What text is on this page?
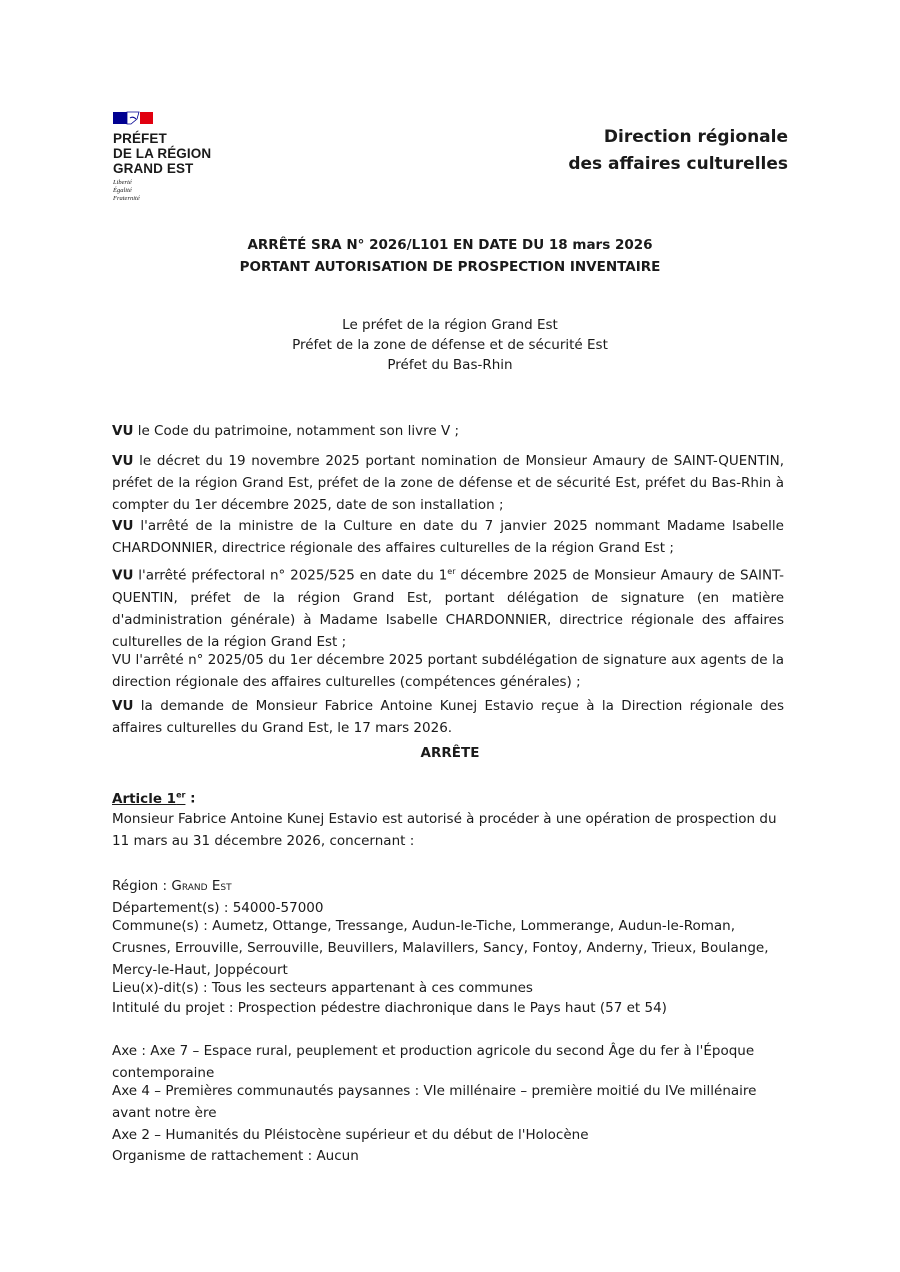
PRÉFET
DE LA RÉGION
GRAND EST
Liberté
Égalité
Fraternité
Direction régionale
des affaires culturelles
ARRÊTÉ SRA N° 2026/L101 EN DATE DU 18 mars 2026
PORTANT AUTORISATION DE PROSPECTION INVENTAIRE
Le préfet de la région Grand Est
Préfet de la zone de défense et de sécurité Est
Préfet du Bas-Rhin
VU le Code du patrimoine, notamment son livre V ;
VU le décret du 19 novembre 2025 portant nomination de Monsieur Amaury de SAINT-QUENTIN, préfet de la région Grand Est, préfet de la zone de défense et de sécurité Est, préfet du Bas-Rhin à compter du 1er décembre 2025, date de son installation ;
VU l'arrêté de la ministre de la Culture en date du 7 janvier 2025 nommant Madame Isabelle CHARDONNIER, directrice régionale des affaires culturelles de la région Grand Est ;
VU l'arrêté préfectoral n° 2025/525 en date du 1er décembre 2025 de Monsieur Amaury de SAINT-QUENTIN, préfet de la région Grand Est, portant délégation de signature (en matière d'administration générale) à Madame Isabelle CHARDONNIER, directrice régionale des affaires culturelles de la région Grand Est ;
VU l'arrêté n° 2025/05 du 1er décembre 2025 portant subdélégation de signature aux agents de la direction régionale des affaires culturelles (compétences générales) ;
VU la demande de Monsieur Fabrice Antoine Kunej Estavio reçue à la Direction régionale des affaires culturelles du Grand Est, le 17 mars 2026.
ARRÊTE
Article 1er :
Monsieur Fabrice Antoine Kunej Estavio est autorisé à procéder à une opération de prospection du 11 mars au 31 décembre 2026, concernant :
Région : Grand Est
Département(s) : 54000-57000
Commune(s) : Aumetz, Ottange, Tressange, Audun-le-Tiche, Lommerange, Audun-le-Roman, Crusnes, Errouville, Serrouville, Beuvillers, Malavillers, Sancy, Fontoy, Anderny, Trieux, Boulange, Mercy-le-Haut, Joppécourt
Lieu(x)-dit(s) : Tous les secteurs appartenant à ces communes
Intitulé du projet : Prospection pédestre diachronique dans le Pays haut (57 et 54)
Axe : Axe 7 – Espace rural, peuplement et production agricole du second Âge du fer à l'Époque contemporaine
Axe 4 – Premières communautés paysannes : VIe millénaire – première moitié du IVe millénaire avant notre ère
Axe 2 – Humanités du Pléistocène supérieur et du début de l'Holocène
Organisme de rattachement : Aucun
